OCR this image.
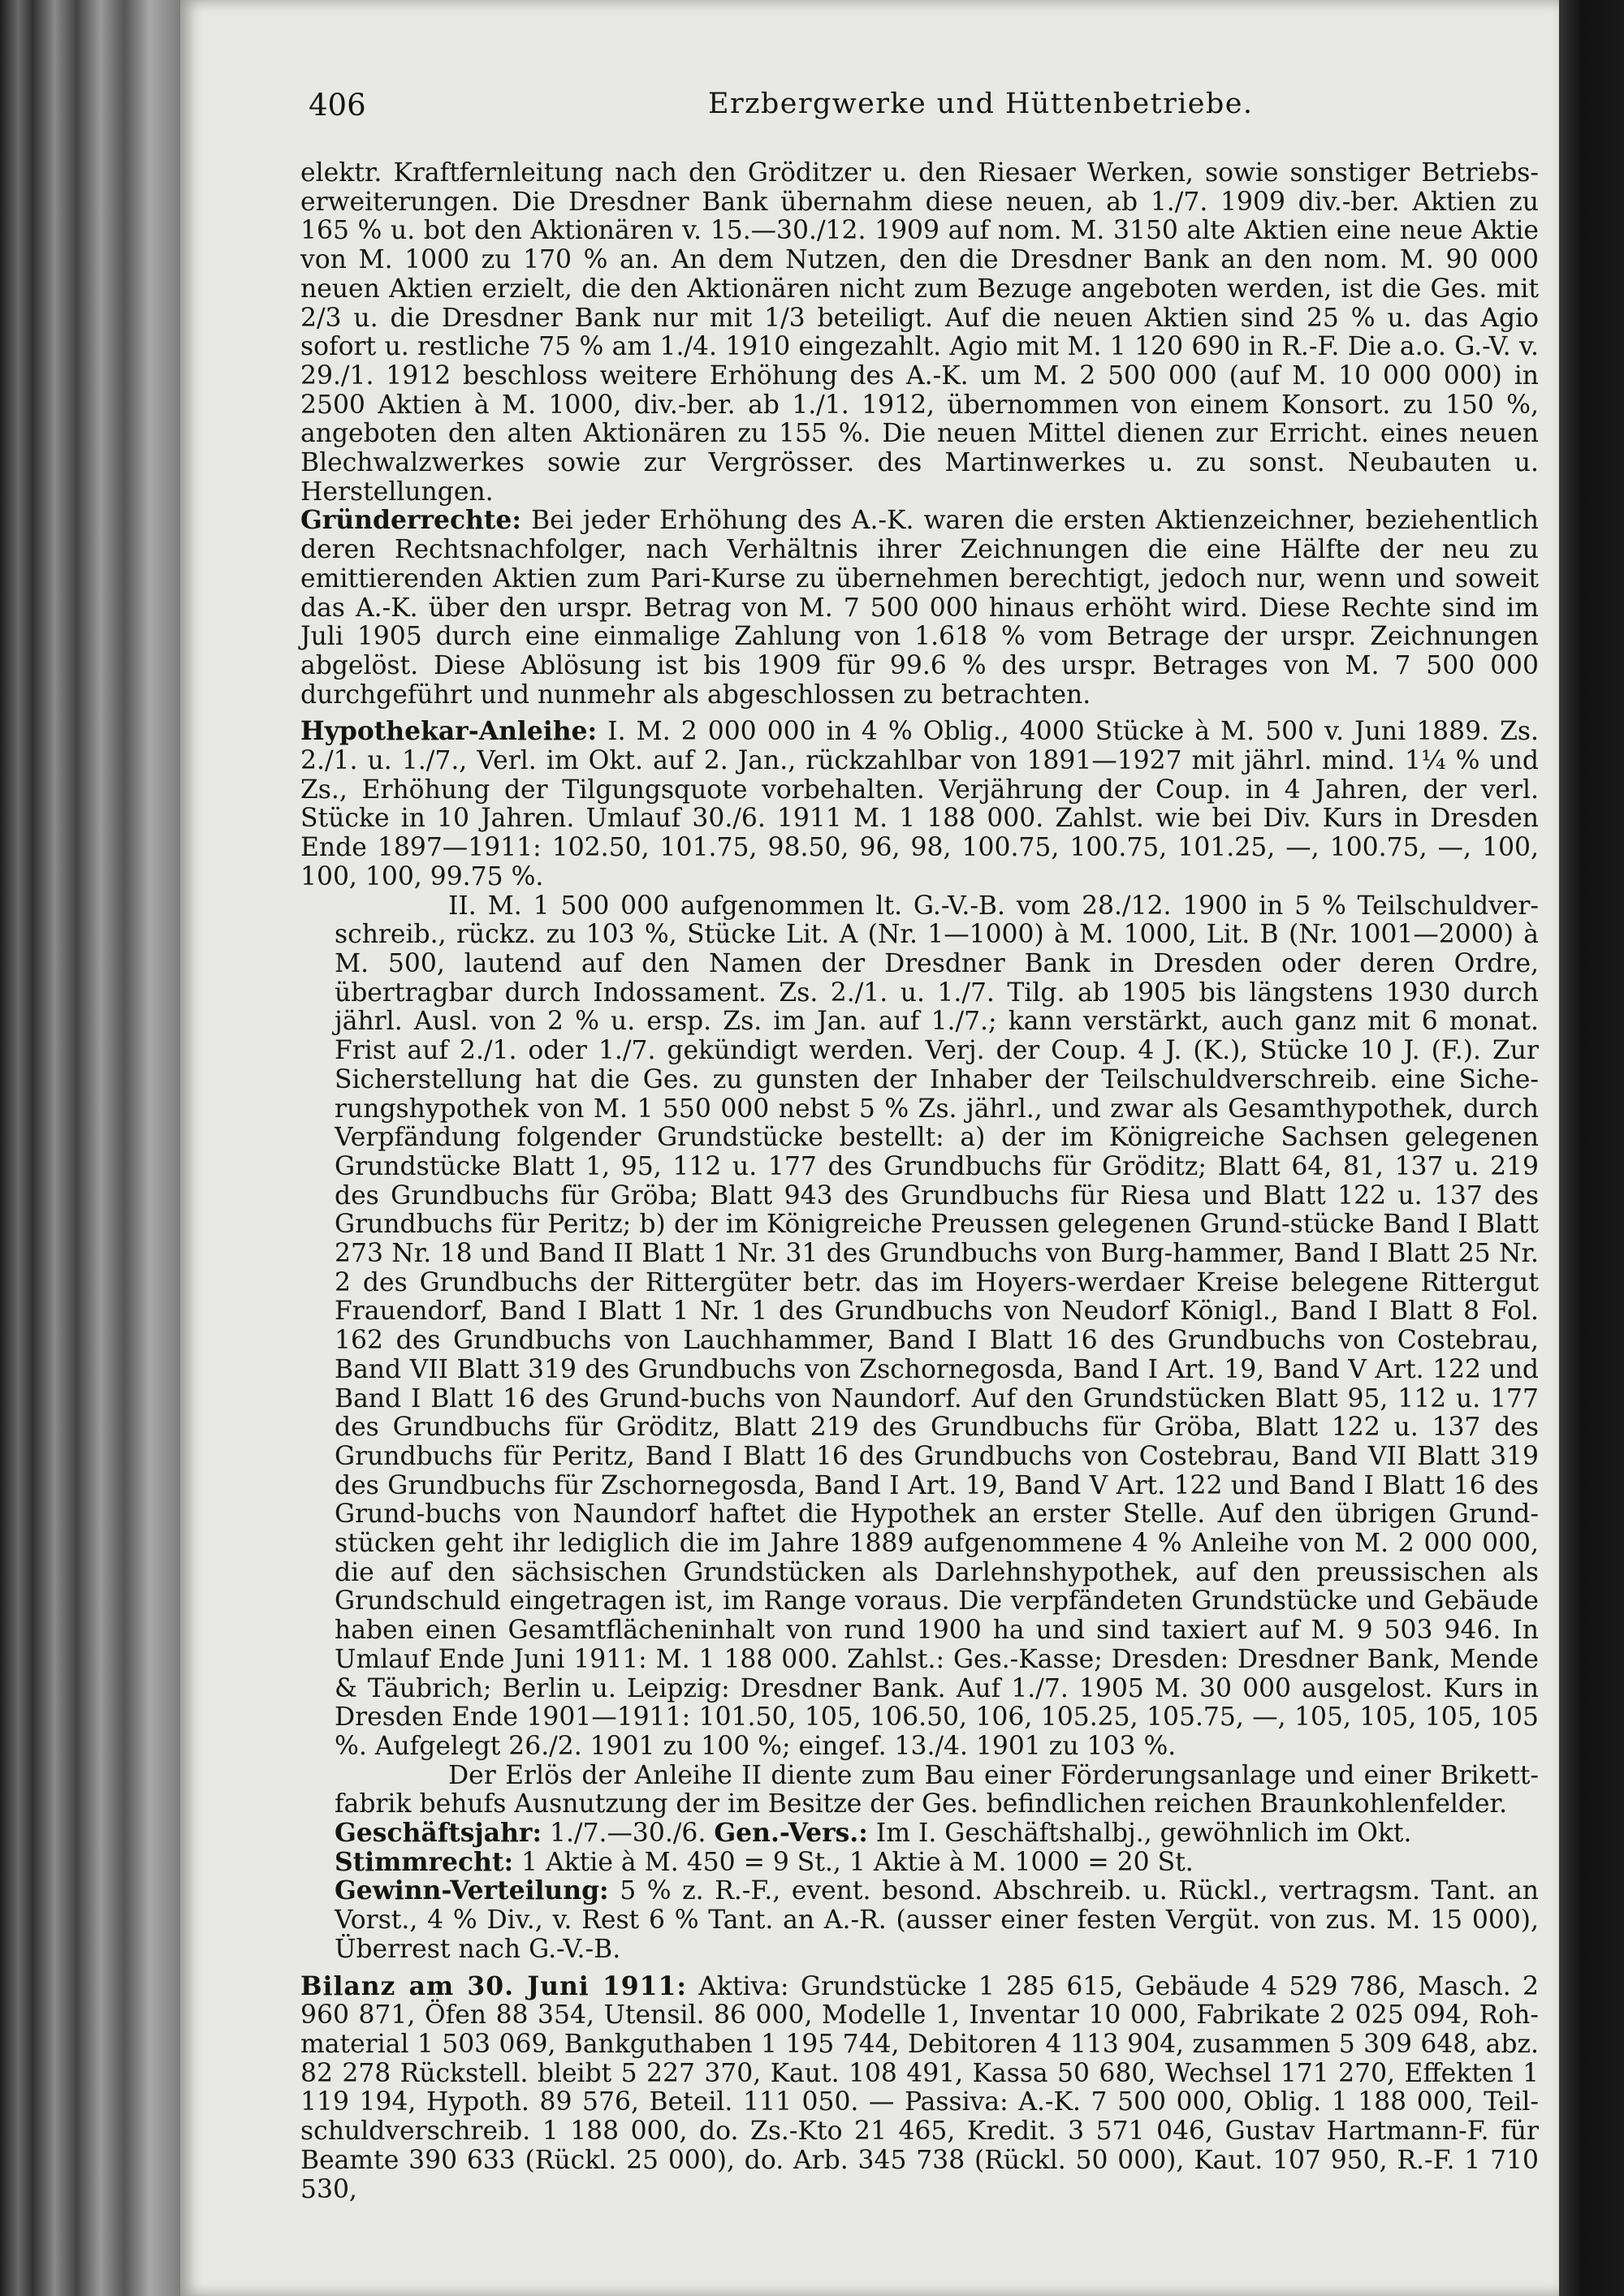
406	Erzbergwerke und Hüttenbetriebe.

elektr. Kraftfernleitung nach den Gröditzer u. den Riesaer Werken, sowie sonstiger Betriebs-erweiterungen. Die Dresdner Bank übernahm diese neuen, ab 1./7. 1909 div.-ber. Aktien zu 165 % u. bot den Aktionären v. 15.—30./12. 1909 auf nom. M. 3150 alte Aktien eine neue Aktie von M. 1000 zu 170 % an. An dem Nutzen, den die Dresdner Bank an den nom. M. 90 000 neuen Aktien erzielt, die den Aktionären nicht zum Bezuge angeboten werden, ist die Ges. mit 2/3 u. die Dresdner Bank nur mit 1/3 beteiligt. Auf die neuen Aktien sind 25 % u. das Agio sofort u. restliche 75 % am 1./4. 1910 eingezahlt. Agio mit M. 1 120 690 in R.-F. Die a.o. G.-V. v. 29./1. 1912 beschloss weitere Erhöhung des A.-K. um M. 2 500 000 (auf M. 10 000 000) in 2500 Aktien à M. 1000, div.-ber. ab 1./1. 1912, übernommen von einem Konsort. zu 150 %, angeboten den alten Aktionären zu 155 %. Die neuen Mittel dienen zur Erricht. eines neuen Blechwalzwerkes sowie zur Vergrösser. des Martinwerkes u. zu sonst. Neubauten u. Herstellungen.

Gründerrechte: Bei jeder Erhöhung des A.-K. waren die ersten Aktienzeichner, beziehentlich deren Rechtsnachfolger, nach Verhältnis ihrer Zeichnungen die eine Hälfte der neu zu emittierenden Aktien zum Pari-Kurse zu übernehmen berechtigt, jedoch nur, wenn und soweit das A.-K. über den urspr. Betrag von M. 7 500 000 hinaus erhöht wird. Diese Rechte sind im Juli 1905 durch eine einmalige Zahlung von 1.618 % vom Betrage der urspr. Zeichnungen abgelöst. Diese Ablösung ist bis 1909 für 99.6 % des urspr. Betrages von M. 7 500 000 durchgeführt und nunmehr als abgeschlossen zu betrachten.

Hypothekar-Anleihe: I. M. 2 000 000 in 4 % Oblig., 4000 Stücke à M. 500 v. Juni 1889. Zs. 2./1. u. 1./7., Verl. im Okt. auf 2. Jan., rückzahlbar von 1891—1927 mit jährl. mind. 1¼ % und Zs., Erhöhung der Tilgungsquote vorbehalten. Verjährung der Coup. in 4 Jahren, der verl. Stücke in 10 Jahren. Umlauf 30./6. 1911 M. 1 188 000. Zahlst. wie bei Div. Kurs in Dresden Ende 1897—1911: 102.50, 101.75, 98.50, 96, 98, 100.75, 100.75, 101.25, —, 100.75, —, 100, 100, 100, 99.75 %.

II. M. 1 500 000 aufgenommen lt. G.-V.-B. vom 28./12. 1900 in 5 % Teilschuldver-schreib., rückz. zu 103 %, Stücke Lit. A (Nr. 1—1000) à M. 1000, Lit. B (Nr. 1001—2000) à M. 500, lautend auf den Namen der Dresdner Bank in Dresden oder deren Ordre, übertragbar durch Indossament. Zs. 2./1. u. 1./7. Tilg. ab 1905 bis längstens 1930 durch jährl. Ausl. von 2 % u. ersp. Zs. im Jan. auf 1./7.; kann verstärkt, auch ganz mit 6 monat. Frist auf 2./1. oder 1./7. gekündigt werden. Verj. der Coup. 4 J. (K.), Stücke 10 J. (F.). Zur Sicherstellung hat die Ges. zu gunsten der Inhaber der Teilschuldverschreib. eine Siche-rungshypothek von M. 1 550 000 nebst 5 % Zs. jährl., und zwar als Gesamthypothek, durch Verpfändung folgender Grundstücke bestellt: a) der im Königreiche Sachsen gelegenen Grundstücke Blatt 1, 95, 112 u. 177 des Grundbuchs für Gröditz; Blatt 64, 81, 137 u. 219 des Grundbuchs für Gröba; Blatt 943 des Grundbuchs für Riesa und Blatt 122 u. 137 des Grundbuchs für Peritz; b) der im Königreiche Preussen gelegenen Grund-stücke Band I Blatt 273 Nr. 18 und Band II Blatt 1 Nr. 31 des Grundbuchs von Burg-hammer, Band I Blatt 25 Nr. 2 des Grundbuchs der Rittergüter betr. das im Hoyers-werdaer Kreise belegene Rittergut Frauendorf, Band I Blatt 1 Nr. 1 des Grundbuchs von Neudorf Königl., Band I Blatt 8 Fol. 162 des Grundbuchs von Lauchhammer, Band I Blatt 16 des Grundbuchs von Costebrau, Band VII Blatt 319 des Grundbuchs von Zschornegosda, Band I Art. 19, Band V Art. 122 und Band I Blatt 16 des Grund-buchs von Naundorf. Auf den Grundstücken Blatt 95, 112 u. 177 des Grundbuchs für Gröditz, Blatt 219 des Grundbuchs für Gröba, Blatt 122 u. 137 des Grundbuchs für Peritz, Band I Blatt 16 des Grundbuchs von Costebrau, Band VII Blatt 319 des Grundbuchs für Zschornegosda, Band I Art. 19, Band V Art. 122 und Band I Blatt 16 des Grund-buchs von Naundorf haftet die Hypothek an erster Stelle. Auf den übrigen Grund-stücken geht ihr lediglich die im Jahre 1889 aufgenommene 4 % Anleihe von M. 2 000 000, die auf den sächsischen Grundstücken als Darlehnshypothek, auf den preussischen als Grundschuld eingetragen ist, im Range voraus. Die verpfändeten Grundstücke und Gebäude haben einen Gesamtflächeninhalt von rund 1900 ha und sind taxiert auf M. 9 503 946. In Umlauf Ende Juni 1911: M. 1 188 000. Zahlst.: Ges.-Kasse; Dresden: Dresdner Bank, Mende & Täubrich; Berlin u. Leipzig: Dresdner Bank. Auf 1./7. 1905 M. 30 000 ausgelost. Kurs in Dresden Ende 1901—1911: 101.50, 105, 106.50, 106, 105.25, 105.75, —, 105, 105, 105, 105 %. Aufgelegt 26./2. 1901 zu 100 %; eingef. 13./4. 1901 zu 103 %.

Der Erlös der Anleihe II diente zum Bau einer Förderungsanlage und einer Brikett-fabrik behufs Ausnutzung der im Besitze der Ges. befindlichen reichen Braunkohlenfelder.

Geschäftsjahr: 1./7.—30./6. Gen.-Vers.: Im I. Geschäftshalbj., gewöhnlich im Okt.

Stimmrecht: 1 Aktie à M. 450 = 9 St., 1 Aktie à M. 1000 = 20 St.

Gewinn-Verteilung: 5 % z. R.-F., event. besond. Abschreib. u. Rückl., vertragsm. Tant. an Vorst., 4 % Div., v. Rest 6 % Tant. an A.-R. (ausser einer festen Vergüt. von zus. M. 15 000), Überrest nach G.-V.-B.

Bilanz am 30. Juni 1911: Aktiva: Grundstücke 1 285 615, Gebäude 4 529 786, Masch. 2 960 871, Öfen 88 354, Utensil. 86 000, Modelle 1, Inventar 10 000, Fabrikate 2 025 094, Roh-material 1 503 069, Bankguthaben 1 195 744, Debitoren 4 113 904, zusammen 5 309 648, abz. 82 278 Rückstell. bleibt 5 227 370, Kaut. 108 491, Kassa 50 680, Wechsel 171 270, Effekten 1 119 194, Hypoth. 89 576, Beteil. 111 050. — Passiva: A.-K. 7 500 000, Oblig. 1 188 000, Teil-schuldverschreib. 1 188 000, do. Zs.-Kto 21 465, Kredit. 3 571 046, Gustav Hartmann-F. für Beamte 390 633 (Rückl. 25 000), do. Arb. 345 738 (Rückl. 50 000), Kaut. 107 950, R.-F. 1 710 530,
